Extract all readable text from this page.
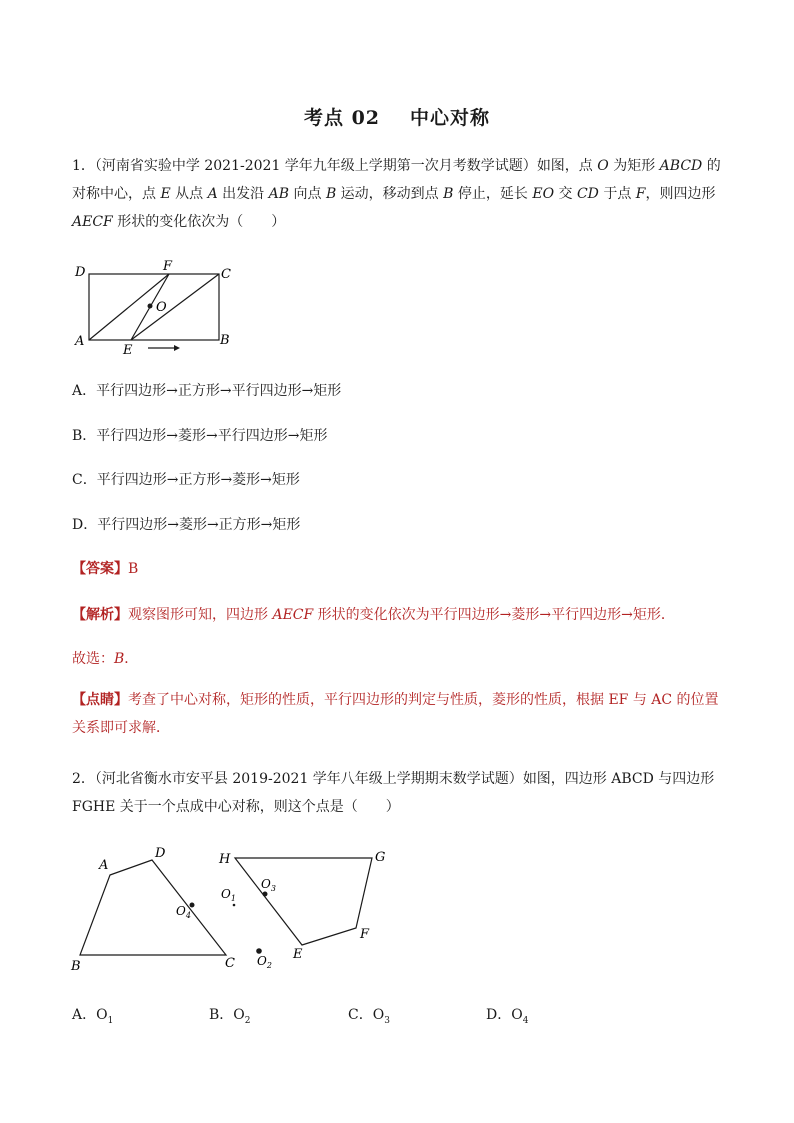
考点 02 中心对称

1．（河南省实验中学 2021-2021 学年九年级上学期第一次月考数学试题）如图，点 O 为矩形 ABCD 的对称中心，点 E 从点 A 出发沿 AB 向点 B 运动，移动到点 B 停止，延长 EO 交 CD 于点 F，则四边形 AECF 形状的变化依次为（　　）

D	F
C
O
A
E
B
A．平行四边形→正方形→平行四边形→矩形
B．平行四边形→菱形→平行四边形→矩形
C．平行四边形→正方形→菱形→矩形
D．平行四边形→菱形→正方形→矩形
【答案】B
【解析】观察图形可知，四边形 AECF 形状的变化依次为平行四边形→菱形→平行四边形→矩形．
故选：B．

【点睛】考查了中心对称，矩形的性质，平行四边形的判定与性质，菱形的性质，根据 EF 与 AC 的位置关系即可求解．

2．（河北省衡水市安平县 2019-2021 学年八年级上学期期末数学试题）如图，四边形 ABCD 与四边形 FGHE 关于一个点成中心对称，则这个点是（　　）

A
D
B	C
H	G
F
E
$O_4$
$O_3$
$O_1$
$O_2$
A．$O_1$	B．$O_2$	C．$O_3$	D．$O_4$
